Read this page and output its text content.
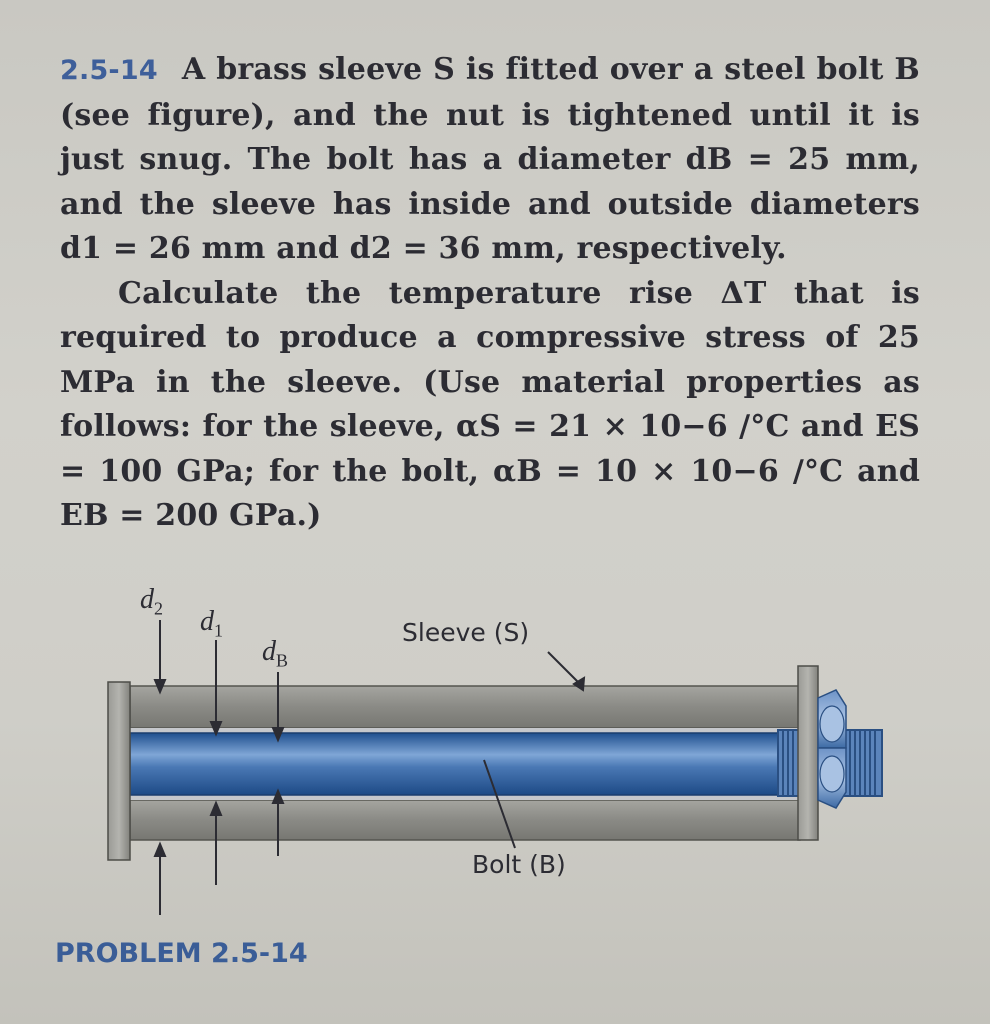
2.5-14 A brass sleeve S is fitted over a steel bolt B (see figure), and the nut is tightened until it is just snug. The bolt has a diameter dB = 25 mm, and the sleeve has inside and outside diameters d1 = 26 mm and d2 = 36 mm, respectively.

Calculate the temperature rise ΔT that is required to produce a compressive stress of 25 MPa in the sleeve. (Use material properties as follows: for the sleeve, αS = 21 × 10−6 /°C and ES = 100 GPa; for the bolt, αB = 10 × 10−6 /°C and EB = 200 GPa.)

$d_2$ $d_1$
$d_B$
Sleeve (S)
Bolt (B)
PROBLEM 2.5-14
